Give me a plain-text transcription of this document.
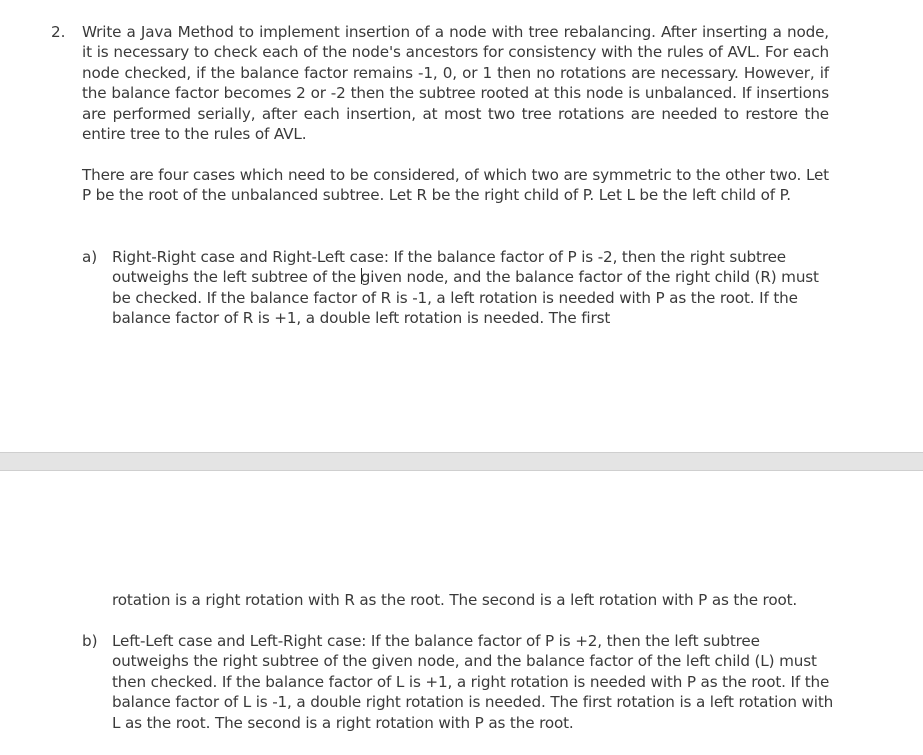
2. Write a Java Method to implement insertion of a node with tree rebalancing. After inserting a node, it is necessary to check each of the node's ancestors for consistency with the rules of AVL. For each node checked, if the balance factor remains -1, 0, or 1 then no rotations are necessary. However, if the balance factor becomes 2 or -2 then the subtree rooted at this node is unbalanced. If insertions are performed serially, after each insertion, at most two tree rotations are needed to restore the entire tree to the rules of AVL.
There are four cases which need to be considered, of which two are symmetric to the other two. Let P be the root of the unbalanced subtree. Let R be the right child of P. Let L be the left child of P.
a) Right-Right case and Right-Left case: If the balance factor of P is -2, then the right subtree outweighs the left subtree of the given node, and the balance factor of the right child (R) must be checked. If the balance factor of R is -1, a left rotation is needed with P as the root. If the balance factor of R is +1, a double left rotation is needed. The first
rotation is a right rotation with R as the root. The second is a left rotation with P as the root.
b) Left-Left case and Left-Right case: If the balance factor of P is +2, then the left subtree outweighs the right subtree of the given node, and the balance factor of the left child (L) must then checked. If the balance factor of L is +1, a right rotation is needed with P as the root. If the balance factor of L is -1, a double right rotation is needed. The first rotation is a left rotation with L as the root. The second is a right rotation with P as the root.
